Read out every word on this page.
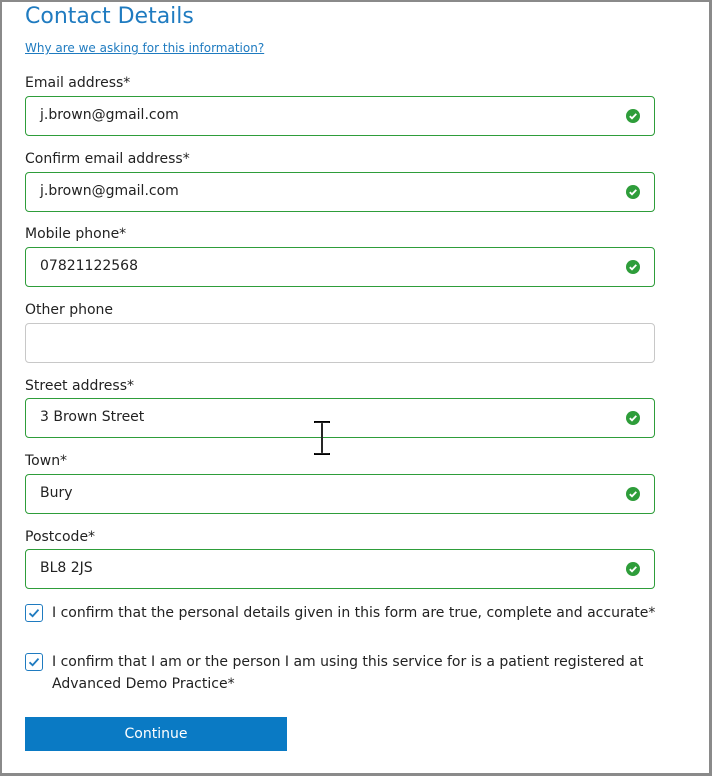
Contact Details
Why are we asking for this information?
Email address*
j.brown@gmail.com
Confirm email address*
j.brown@gmail.com
Mobile phone*
07821122568
Other phone
Street address*
3 Brown Street
Town*
Bury
Postcode*
BL8 2JS
I confirm that the personal details given in this form are true, complete and accurate*
I confirm that I am or the person I am using this service for is a patient registered at Advanced Demo Practice*
Continue
